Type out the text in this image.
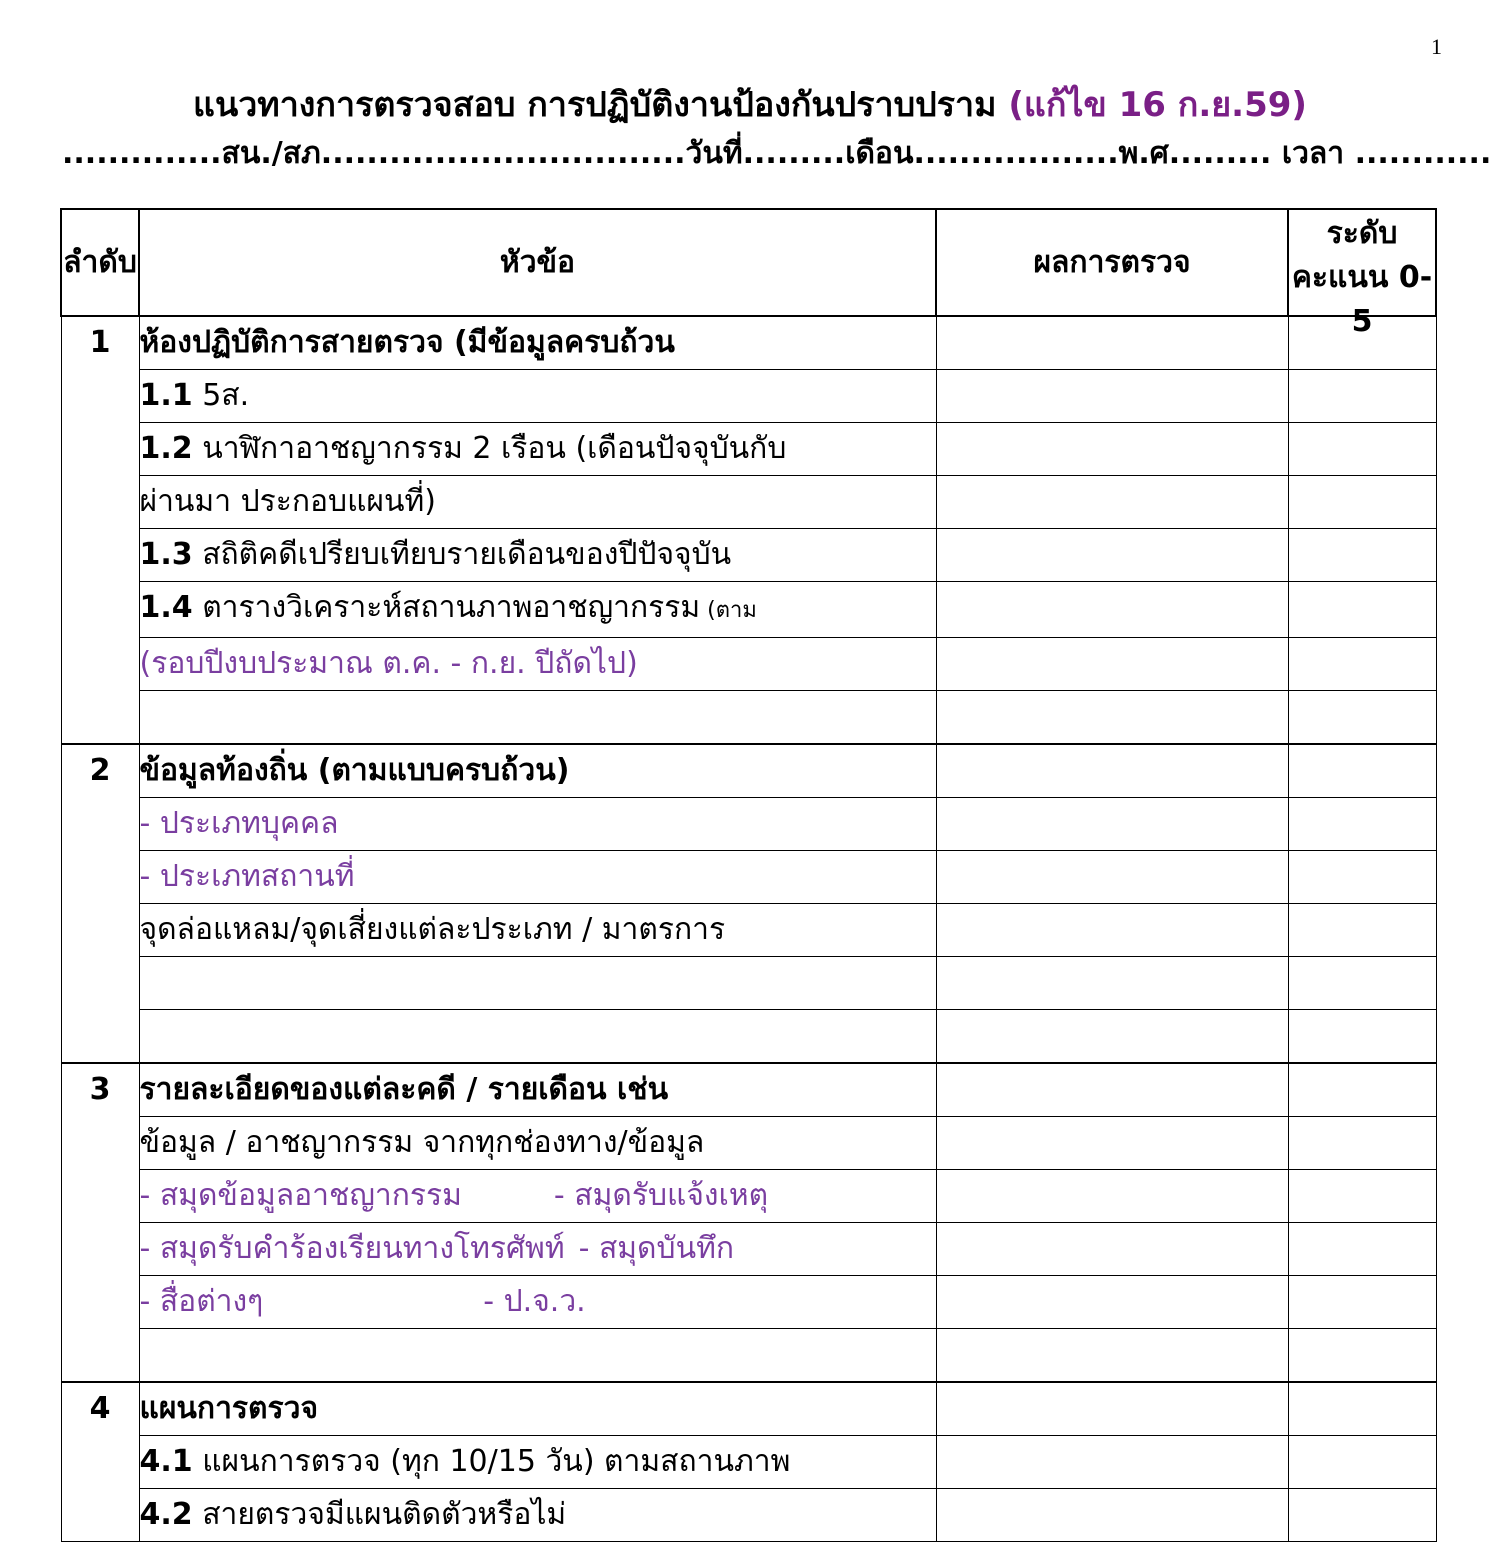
1
แนวทางการตรวจสอบ การปฏิบัติงานป้องกันปราบปราม (แก้ไข 16 ก.ย.59)
..............สน./สภ................................วันที่.........เดือน..................พ.ศ......... เวลา ............
ลำดับ	หัวข้อ	ผลการตรวจ	ระดับ คะแนน 0-5

1	ห้องปฏิบัติการสายตรวจ (มีข้อมูลครบถ้วน		
	1.1 5ส.		
	1.2 นาฬิกาอาชญากรรม 2 เรือน (เดือนปัจจุบันกับ		
	ผ่านมา ประกอบแผนที่)		
	1.3 สถิติคดีเปรียบเทียบรายเดือนของปีปัจจุบัน		
	1.4 ตารางวิเคราะห์สถานภาพอาชญากรรม (ตาม		
	(รอบปีงบประมาณ ต.ค. - ก.ย. ปีถัดไป)		

2	ข้อมูลท้องถิ่น (ตามแบบครบถ้วน)		
	- ประเภทบุคคล		
	- ประเภทสถานที่		
	จุดล่อแหลม/จุดเสี่ยงแต่ละประเภท / มาตรการ		

3	รายละเอียดของแต่ละคดี / รายเดือน เช่น		
	ข้อมูล / อาชญากรรม จากทุกช่องทาง/ข้อมูล		
	- สมุดข้อมูลอาชญากรรม - สมุดรับแจ้งเหตุ		
	- สมุดรับคำร้องเรียนทางโทรศัพท์ - สมุดบันทึก		
	- สื่อต่างๆ - ป.จ.ว.		

4	แผนการตรวจ		
	4.1 แผนการตรวจ (ทุก 10/15 วัน) ตามสถานภาพ		
	4.2 สายตรวจมีแผนติดตัวหรือไม่		
